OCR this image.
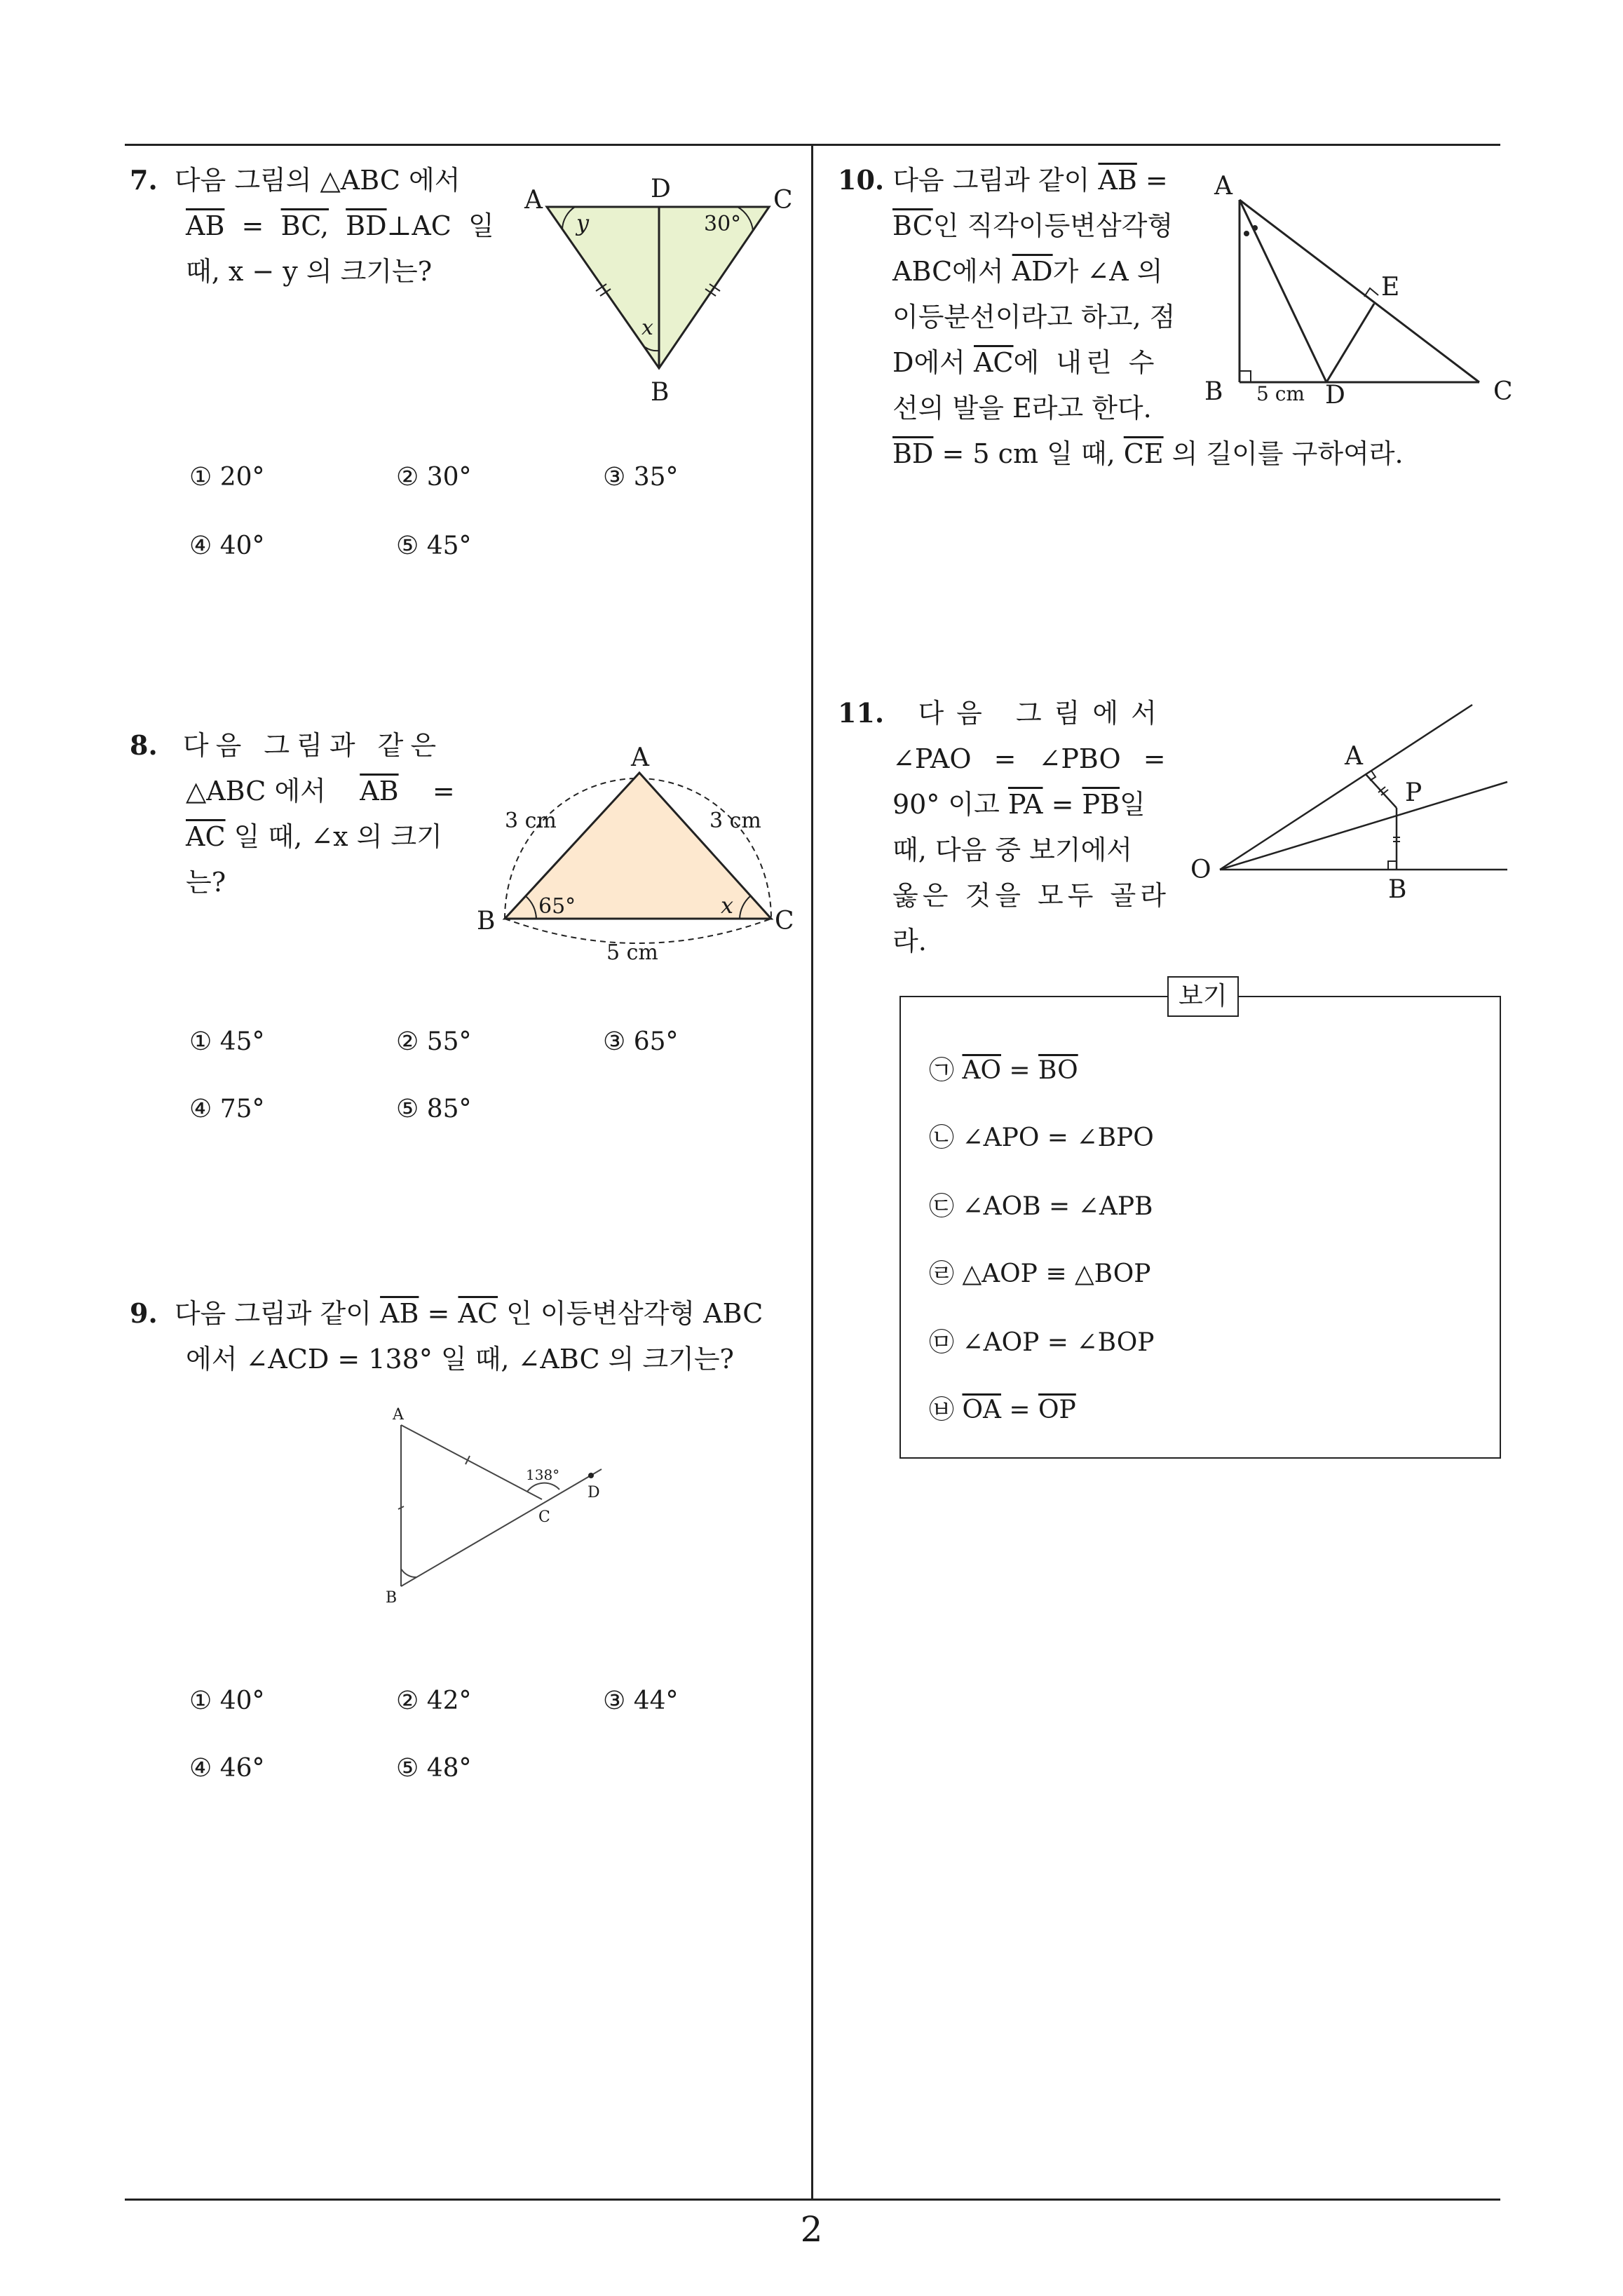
2
7. 다음 그림의 △ABC 에서
$\overline{AB}$ =  BC, $\overline{BD}\perp AC$ 일
때, x − y 의 크기는?
A	D	C
B
y	30°
x
① 20°	② 30°	③ 35°
④ 40°	⑤ 45°
8. 다음 그림과 같은
△ABC 에서 $\overline{AB}$ =
$\overline{AC}$ 일 때, ∠x 의 크기
는?
A
B	C
3 cm	3 cm
5 cm
65°	x
① 45°	② 55°	③ 65°
④ 75°	⑤ 85°
9. 다음 그림과 같이 $\overline{AB} = \overline{AC}$ 인 이등변삼각형 ABC
에서 ∠ACD = 138° 일 때, ∠ABC 의 크기는?
A
B
C
D
138°
① 40°	② 42°	③ 44°
④ 46°	⑤ 48°
10. 다음 그림과 같이 $\overline{AB}$ =
$\overline{BC}$인 직각이등변삼각형
ABC에서 $\overline{AD}$가 ∠A 의
이등분선이라고 하고, 점
D에서 $\overline{AC}$에 내린 수
선의 발을 E라고 한다.
$\overline{BD} = 5$ cm 일 때, $\overline{CE}$ 의 길이를 구하여라.
A
B	C
D
E
5 cm
11. 다음 그림에서
∠PAO = ∠PBO =
90° 이고 $\overline{PA} = \overline{PB}$일
때, 다음 중 보기에서
옳은 것을 모두 골라
라.
O
A
B
P
보기
㉠ $\overline{AO} = \overline{BO}$
㉡ ∠APO = ∠BPO
㉢ ∠AOB = ∠APB
㉣ △AOP ≡ △BOP
㉤ ∠AOP = ∠BOP
㉥ $\overline{OA} = \overline{OP}$
